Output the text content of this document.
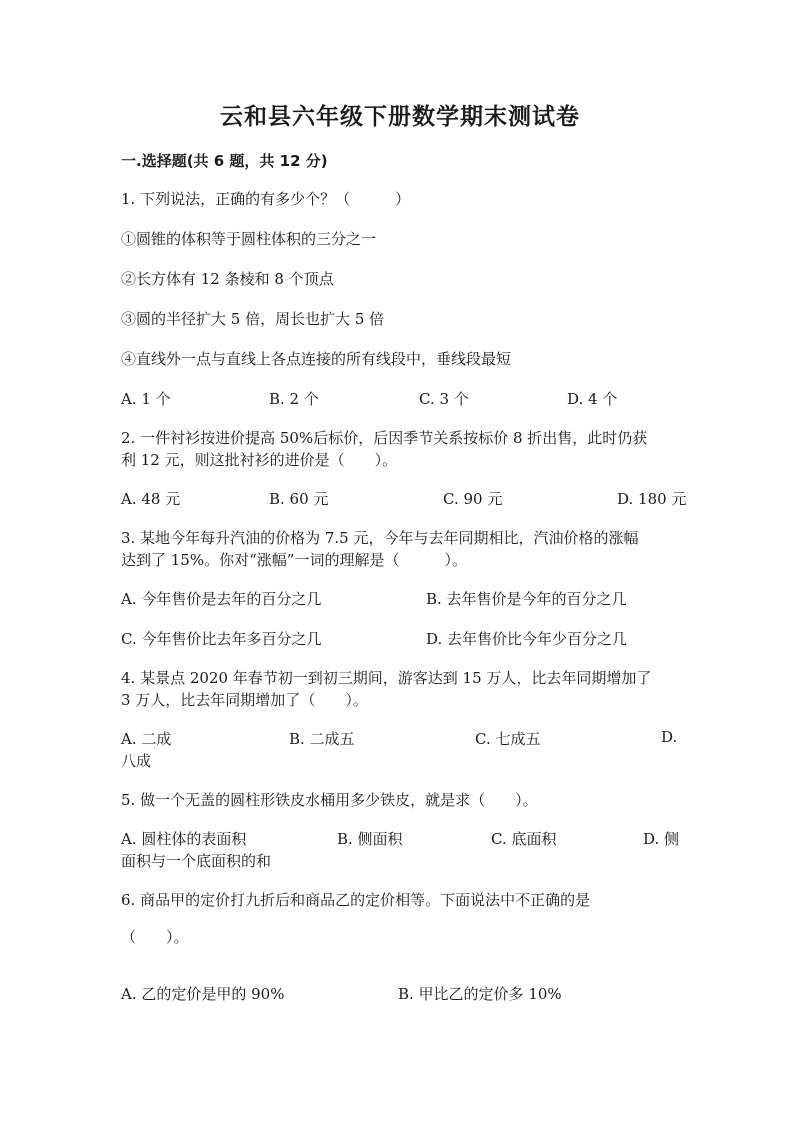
云和县六年级下册数学期末测试卷
一.选择题(共 6 题，共 12 分)
1. 下列说法，正确的有多少个？（　　　）
①圆锥的体积等于圆柱体积的三分之一
②长方体有 12 条棱和 8 个顶点
③圆的半径扩大 5 倍，周长也扩大 5 倍
④直线外一点与直线上各点连接的所有线段中，垂线段最短
A. 1 个	B. 2 个	C. 3 个	D. 4 个
2. 一件衬衫按进价提高 50%后标价，后因季节关系按标价 8 折出售，此时仍获
利 12 元，则这批衬衫的进价是（　　）。
A. 48 元	B. 60 元	C. 90 元	D. 180 元
3. 某地今年每升汽油的价格为 7.5 元，今年与去年同期相比，汽油价格的涨幅
达到了 15%。你对“涨幅”一词的理解是（　　　）。
A. 今年售价是去年的百分之几	B. 去年售价是今年的百分之几
C. 今年售价比去年多百分之几	D. 去年售价比今年少百分之几
4. 某景点 2020 年春节初一到初三期间，游客达到 15 万人，比去年同期增加了
3 万人，比去年同期增加了（　　）。
A. 二成	B. 二成五	C. 七成五	D.
八成
5. 做一个无盖的圆柱形铁皮水桶用多少铁皮，就是求（　　）。
A. 圆柱体的表面积	B. 侧面积	C. 底面积	D. 侧
面积与一个底面积的和
6. 商品甲的定价打九折后和商品乙的定价相等。下面说法中不正确的是
（　　）。
A. 乙的定价是甲的 90%	B. 甲比乙的定价多 10%
